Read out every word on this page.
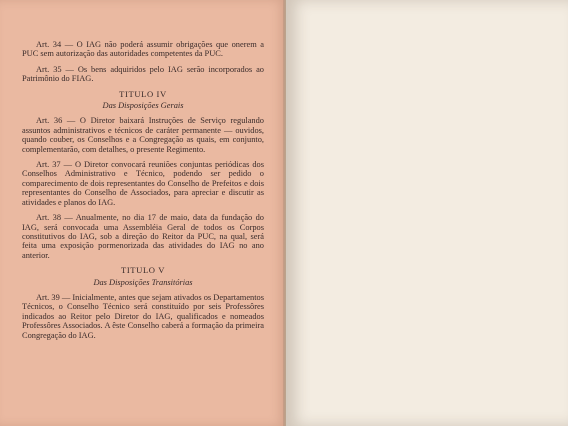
Art. 34 — O IAG não poderá assumir obrigações que onerem a PUC sem autorização das autoridades competentes da PUC.

Art. 35 — Os bens adquiridos pelo IAG serão incorporados ao Patrimônio do FIAG.

TITULO IV
Das Disposições Gerais

Art. 36 — O Diretor baixará Instruções de Serviço regulando assuntos administrativos e técnicos de caráter permanente — ouvidos, quando couber, os Conselhos e a Congregação as quais, em conjunto, complementarão, com detalhes, o presente Regimento.

Art. 37 — O Diretor convocará reuniões conjuntas periódicas dos Conselhos Administrativo e Técnico, podendo ser pedido o comparecimento de dois representantes do Conselho de Prefeitos e dois representantes do Conselho de Associados, para apreciar e discutir as atividades e planos do IAG.

Art. 38 — Anualmente, no dia 17 de maio, data da fundação do IAG, será convocada uma Assembléia Geral de todos os Corpos constitutivos do IAG, sob a direção do Reitor da PUC, na qual, será feita uma exposição pormenorizada das atividades do IAG no ano anterior.

TITULO V
Das Disposições Transitórias

Art. 39 — Inicialmente, antes que sejam ativados os Departamentos Técnicos, o Conselho Técnico será constituído por seis Professôres indicados ao Reitor pelo Diretor do IAG, qualificados e nomeados Professôres Associados. A êste Conselho caberá a formação da primeira Congregação do IAG.
